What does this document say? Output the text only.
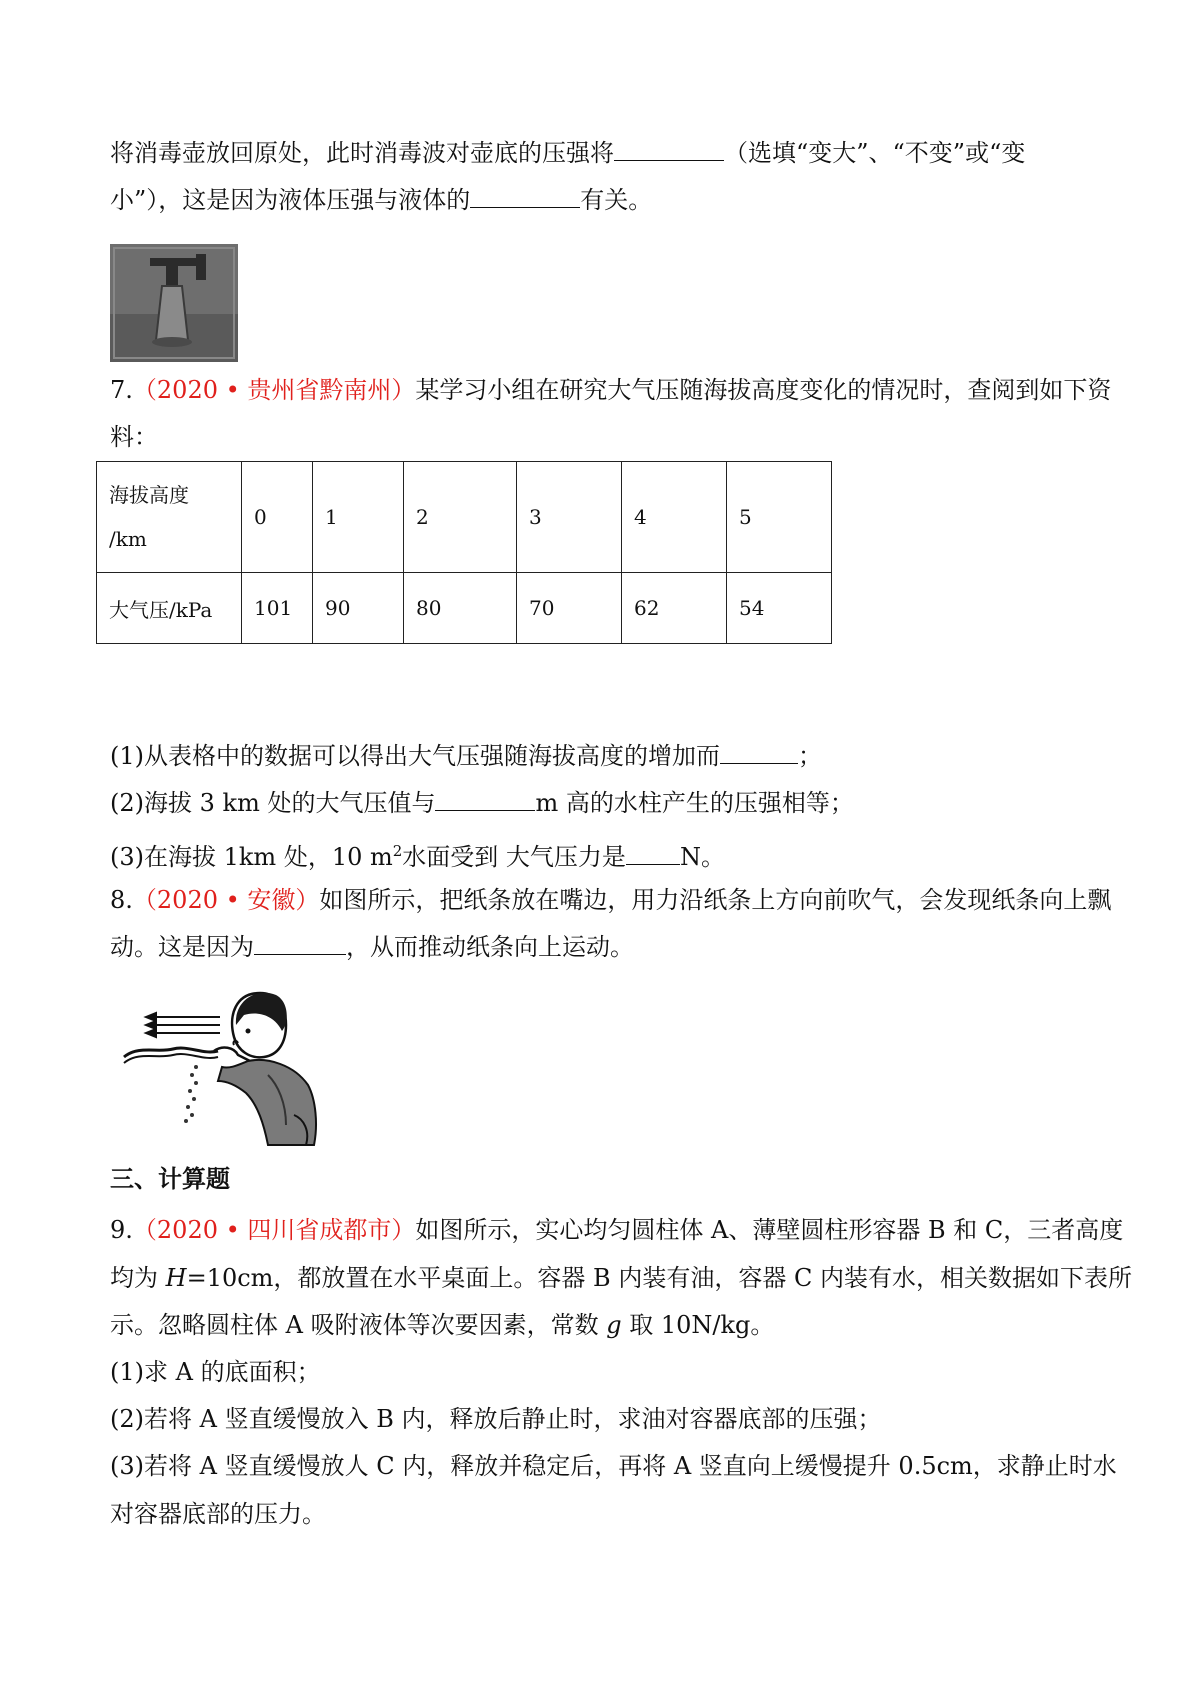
将消毒壶放回原处，此时消毒波对壶底的压强将	（选填“变大”、“不变”或“变
小”），这是因为液体压强与液体的	有关。
7.（2020 • 贵州省黔南州）某学习小组在研究大气压随海拔高度变化的情况时，查阅到如下资
料：
海拔高度
/km	0	1	2	3	4	5
大气压/kPa	101	90	80	70	62	54
(1)从表格中的数据可以得出大气压强随海拔高度的增加而	；
(2)海拔 3 km 处的大气压值与	m 高的水柱产生的压强相等；
(3)在海拔 1km 处，10 $m^2$水面受到 大气压力是 N。
8.（2020 • 安徽）如图所示，把纸条放在嘴边，用力沿纸条上方向前吹气，会发现纸条向上飘
动。这是因为	，从而推动纸条向上运动。
三、计算题
9.（2020 • 四川省成都市）如图所示，实心均匀圆柱体 A、薄壁圆柱形容器 B 和 C，三者高度
均为 H=10cm，都放置在水平桌面上。容器 B 内装有油，容器 C 内装有水，相关数据如下表所
示。忽略圆柱体 A 吸附液体等次要因素，常数 g 取 10N/kg。
(1)求 A 的底面积；
(2)若将 A 竖直缓慢放入 B 内，释放后静止时，求油对容器底部的压强；
(3)若将 A 竖直缓慢放人 C 内，释放并稳定后，再将 A 竖直向上缓慢提升 0.5cm，求静止时水
对容器底部的压力。
